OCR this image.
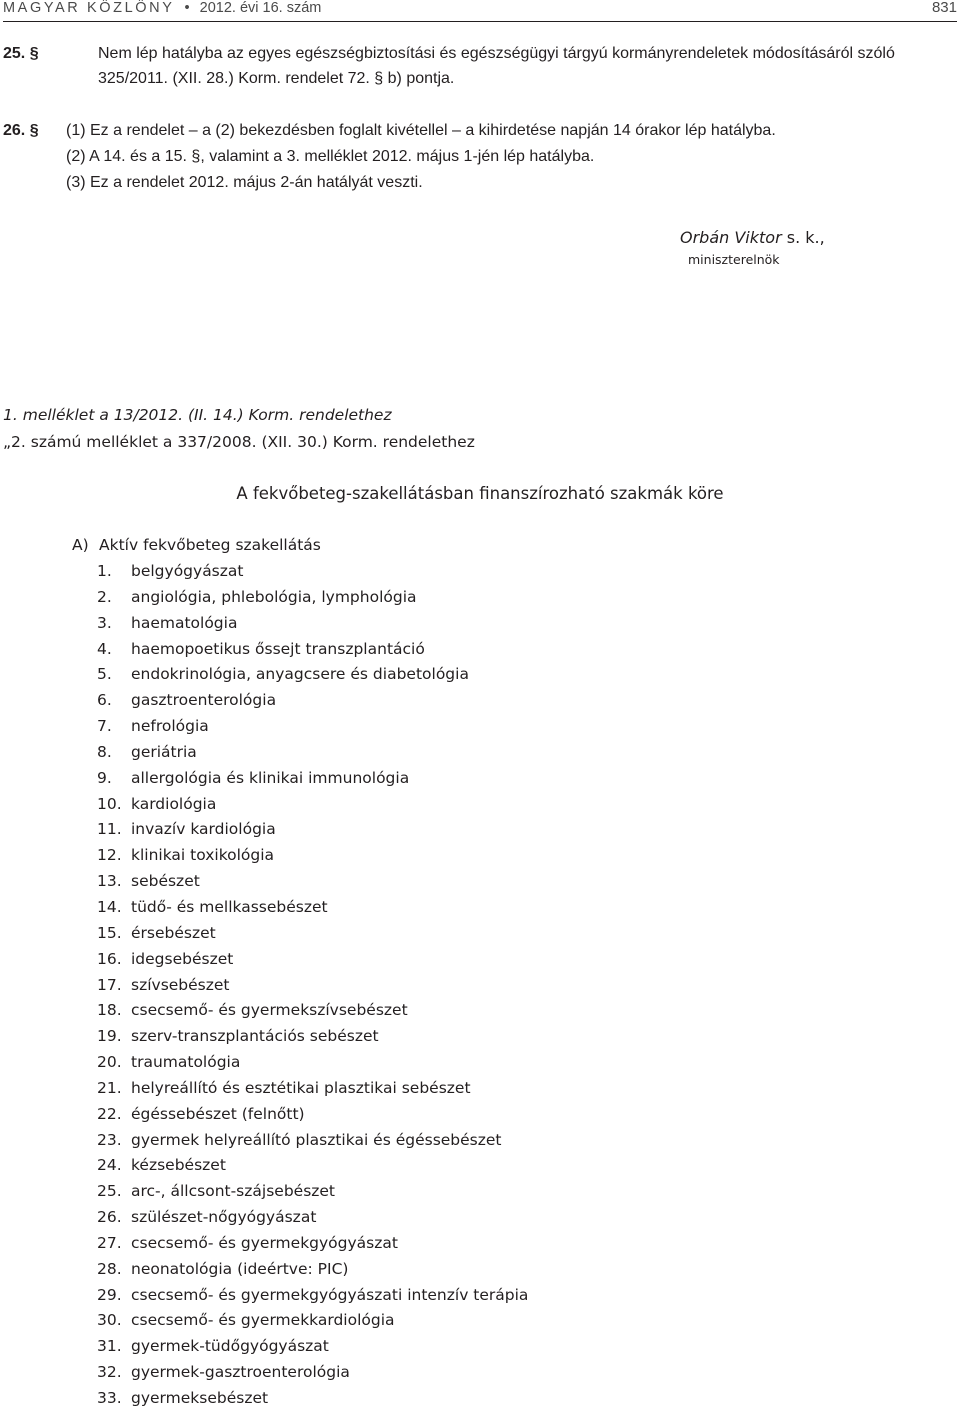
MAGYAR KÖZLÖNY • 2012. évi 16. szám	831
25. §	Nem lép hatályba az egyes egészségbiztosítási és egészségügyi tárgyú kormányrendeletek módosításáról szóló
325/2011. (XII. 28.) Korm. rendelet 72. § b) pontja.
26. § (1) Ez a rendelet – a (2) bekezdésben foglalt kivétellel – a kihirdetése napján 14 órakor lép hatályba.
(2) A 14. és a 15. §, valamint a 3. melléklet 2012. május 1-jén lép hatályba.
(3) Ez a rendelet 2012. május 2-án hatályát veszti.
Orbán Viktor s. k.,
miniszterelnök
1. melléklet a 13/2012. (II. 14.) Korm. rendelethez
„2. számú melléklet a 337/2008. (XII. 30.) Korm. rendelethez
A fekvőbeteg-szakellátásban finanszírozható szakmák köre
A) Aktív fekvőbeteg szakellátás
1. belgyógyászat
2. angiológia, phlebológia, lymphológia
3. haematológia
4. haemopoetikus őssejt transzplantáció
5. endokrinológia, anyagcsere és diabetológia
6. gasztroenterológia
7. nefrológia
8. geriátria
9. allergológia és klinikai immunológia
10. kardiológia
11. invazív kardiológia
12. klinikai toxikológia
13. sebészet
14. tüdő- és mellkassebészet
15. érsebészet
16. idegsebészet
17. szívsebészet
18. csecsemő- és gyermekszívsebészet
19. szerv-transzplantációs sebészet
20. traumatológia
21. helyreállító és esztétikai plasztikai sebészet
22. égéssebészet (felnőtt)
23. gyermek helyreállító plasztikai és égéssebészet
24. kézsebészet
25. arc-, állcsont-szájsebészet
26. szülészet-nőgyógyászat
27. csecsemő- és gyermekgyógyászat
28. neonatológia (ideértve: PIC)
29. csecsemő- és gyermekgyógyászati intenzív terápia
30. csecsemő- és gyermekkardiológia
31. gyermek-tüdőgyógyászat
32. gyermek-gasztroenterológia
33. gyermeksebészet
